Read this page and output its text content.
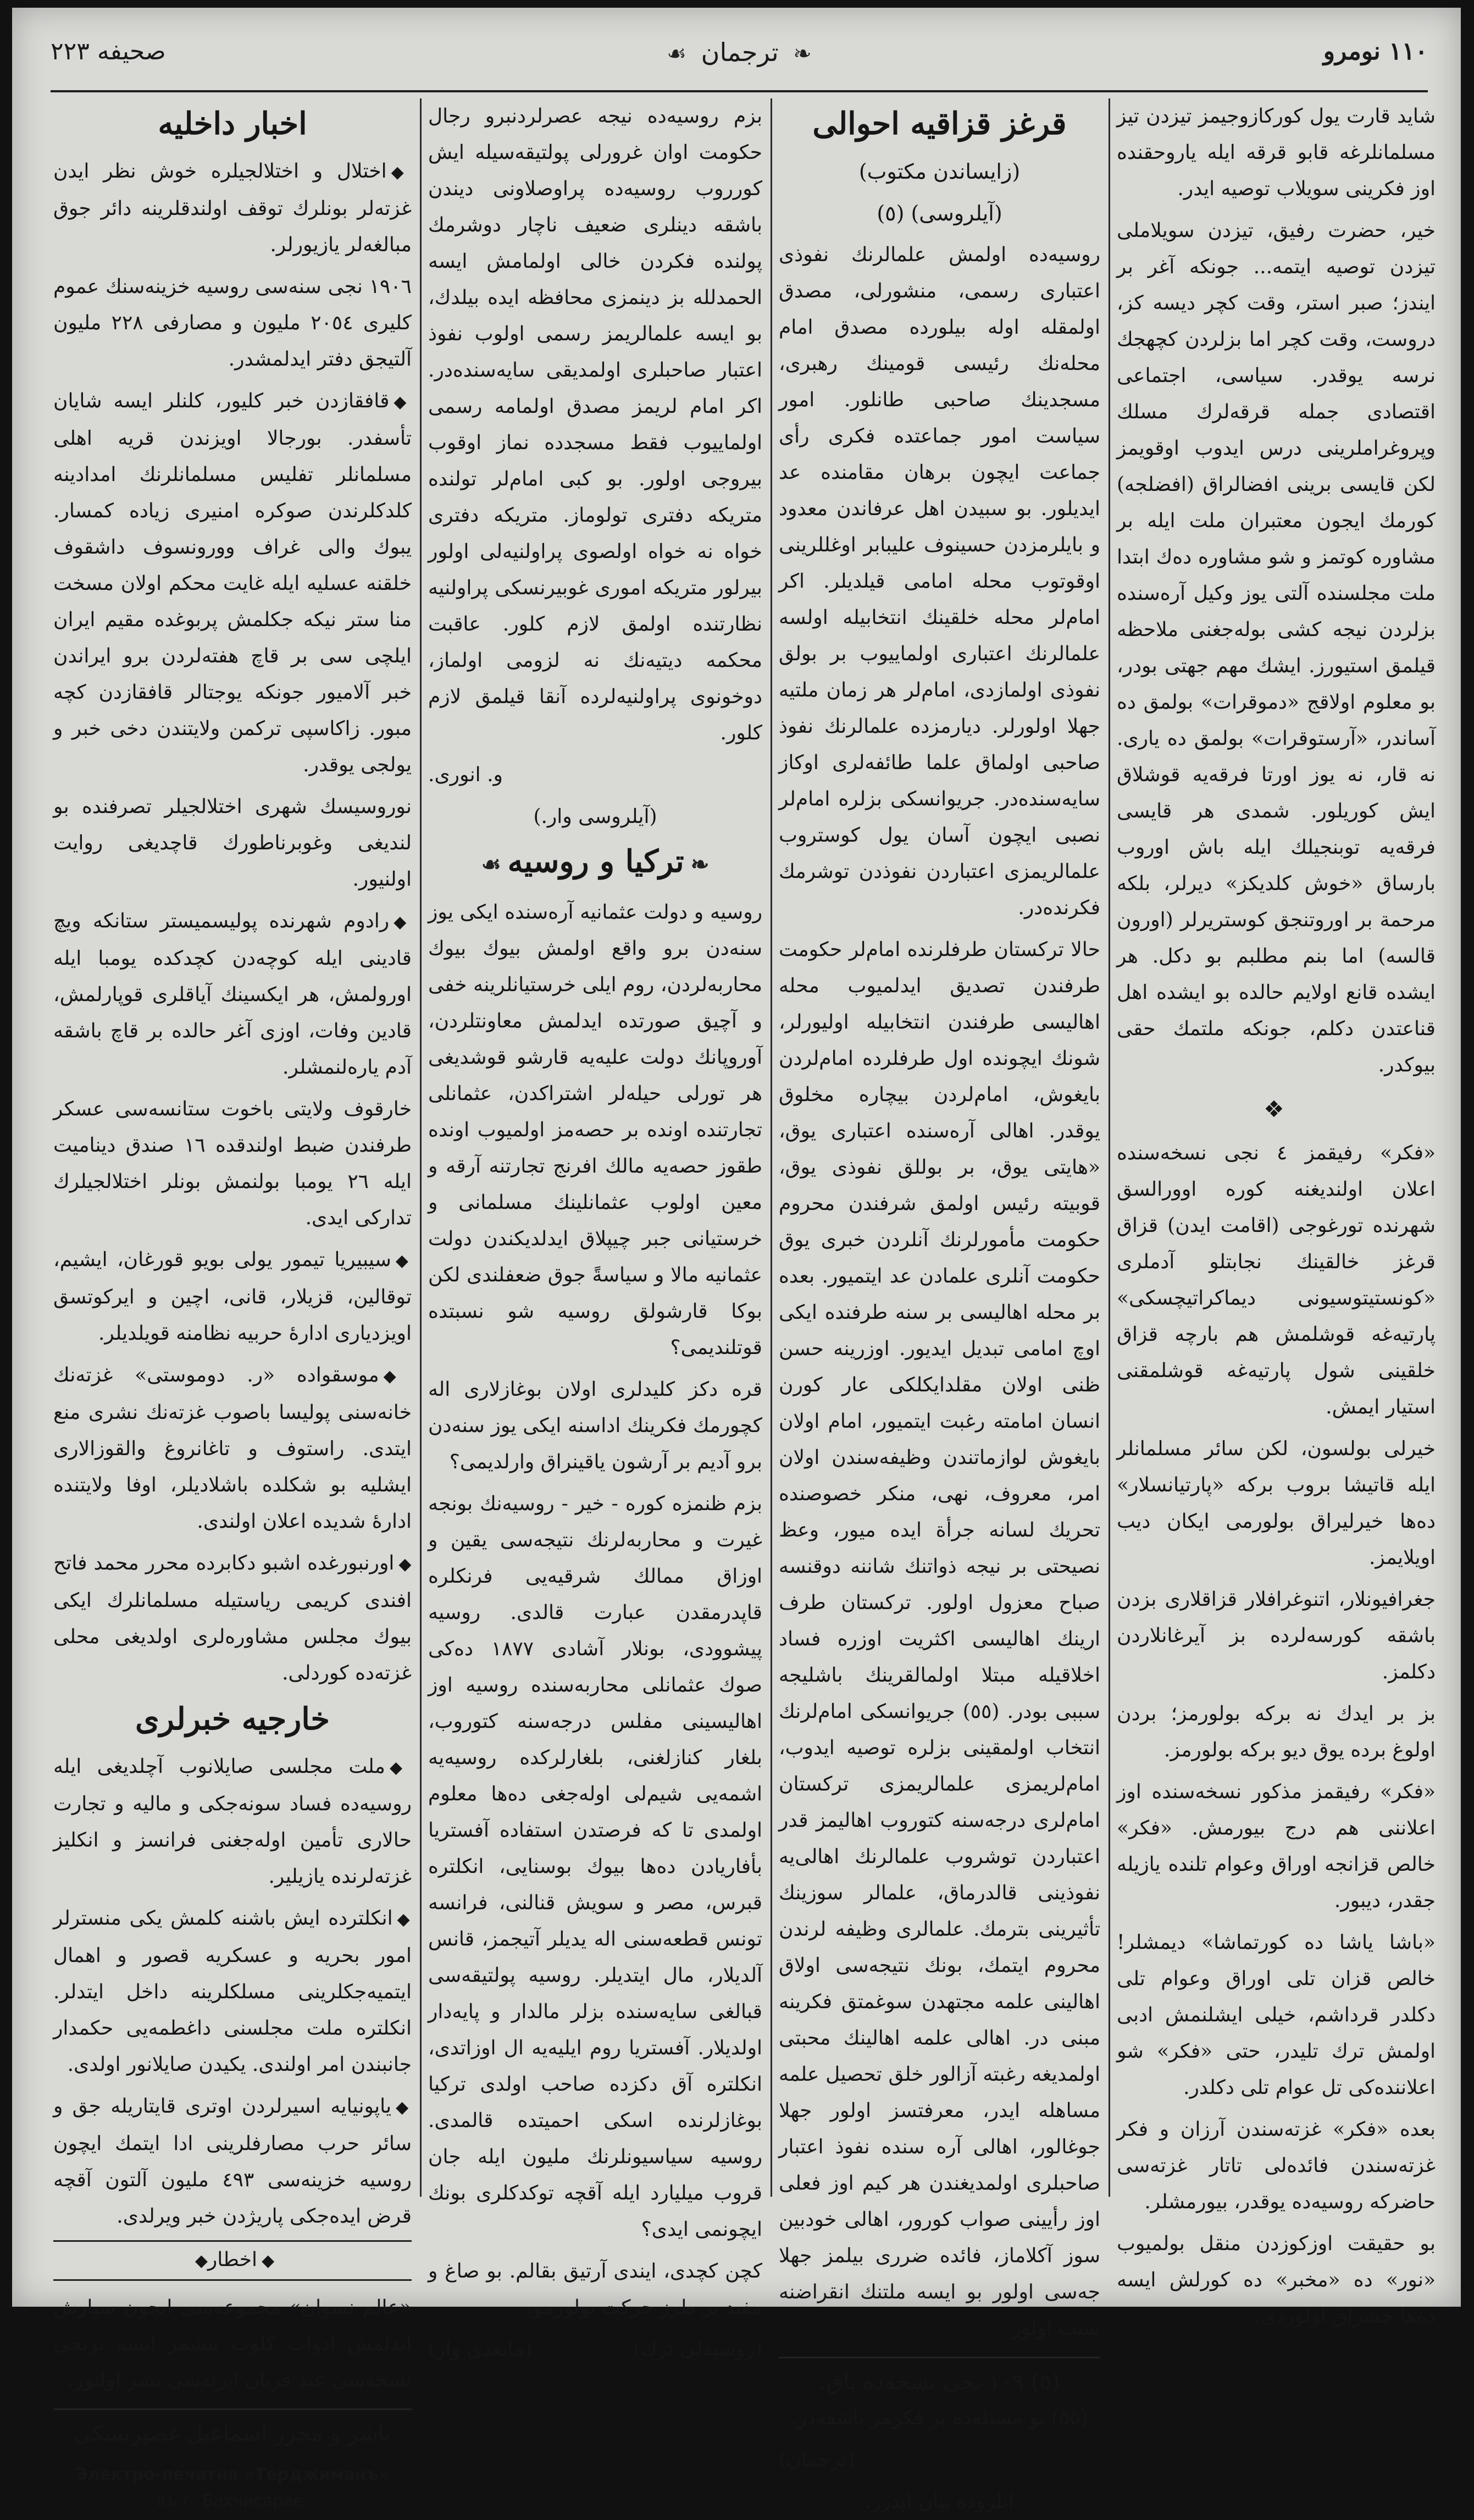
۱۱۰ نومرو
❧ ترجمان ☙
صحیفه ۲۲۳

شاید قارت یول کورکازوجیمز تیزدن تیز مسلمانلرغه قابو قرقه ایله یاروحقنده اوز فکرینی سویلاب توصیه ایدر.

خیر، حضرت رفیق، تیزدن سویلاملی تیزدن توصیه ایتمه... جونکه آغر بر ایندز؛ صبر استر، وقت کچر دیسه کز، دروست، وقت کچر اما بزلردن کچهجك نرسه یوقدر. سیاسی، اجتماعی اقتصادی جمله قرقه‌لرك مسلك وپروغراملرینی درس ایدوب اوقویمز لکن قایسی برینی افضالراق (افضلجه) کورمك ایجون معتبران ملت ایله بر مشاوره کوتمز و شو مشاوره ده‌ك ابتدا ملت مجلسنده آلتی یوز وکیل آره‌سنده بزلردن نیجه کشی بوله‌جغنی ملاحظه قیلمق استیورز. ایشك مهم جهتی بودر، بو معلوم اولاقج «دموقرات» بولمق ده آساندر، «آرستوقرات» بولمق ده یاری. نه قار، نه یوز اورتا فرقه‌یه قوشلاق ایش کوریلور. شمدی هر قایسی فرقه‌یه توبنجیلك ایله باش اوروب بارساق «خوش کلدیکز» دیرلر، بلکه مرحمة بر اوروتنجق کوستریرلر (اورون قالسه) اما بنم مطلبم بو دکل. هر ایشده قانع اولایم حالده بو ایشده اهل قناعتدن دکلم، جونکه ملتمك حقی بیوکدر.

❖

«فکر» رفیقمز ٤ نجی نسخه‌سنده اعلان اولندیغنه کوره اوورالسق شهرنده تورغوجی (اقامت ایدن) قزاق قرغز خالقینك نجابتلو آدملری «کونستیتوسیونی دیماکراتیچسکی» پارتیه‌غه قوشلمش هم بارچه قزاق خلقینی شول پارتیه‌غه قوشلمقنی استیار ایمش.

خیرلی بولسون، لکن سائر مسلمانلر ایله قاتیشا بروب برکه «پارتیانسلار» ده‌ها خیرلیراق بولورمی ایکان دیب اویلایمز.

جغرافیونلار، اتنوغرافلار قزاقلاری بزدن باشقه کورسه‌لرده بز آیرغانلاردن دکلمز.

بز بر ایدك نه برکه بولورمز؛ بردن اولوغ برده یوق دیو برکه بولورمز.

«فکر» رفیقمز مذکور نسخه‌سنده اوز اعلاننی هم درج بیورمش. «فکر» خالص قزانجه اوراق وعوام تلنده یازیله جقدر، دیبور.

«باشا یاشا ده کورتماشا» دیمشلر! خالص قزان تلی اوراق وعوام تلی دکلدر قرداشم، خیلی ایشلنمش ادبی اولمش ترك تلیدر، حتی «فکر» شو اعلاننده‌کی تل عوام تلی دکلدر.

بعده «فکر» غزته‌سندن آرزان و فکر غزته‌سندن فائده‌لی تاتار غزته‌سی حاضرکه روسیه‌ده یوقدر، بیورمشلر.

بو حقیقت اوزکوزدن منقل بولمیوب «نور» ده «مخبر» ده کورلش ایسه ده‌ها خشراق اولوردی.

قرغز قزاقیه احوالی
(زایساندن مکتوب)
(آیلروسی) (٥)

روسیه‌ده اولمش علمالرنك نفوذی اعتباری رسمی، منشورلی، مصدق اولمقله اوله بیلورده مصدق امام محله‌نك رئیسی قومینك رهبری، مسجدینك صاحبی طانلور. امور سیاست امور جماعتده فکری رأی جماعت ایچون برهان مقامنده عد ایدیلور. بو سبیدن اهل عرفاندن معدود و بایلرمزدن حسینوف علیبابر اوغللرینی اوقوتوب محله امامی قیلدیلر. اکر امام‌لر محله خلقینك انتخابیله اولسه علمالرنك اعتباری اولماییوب بر بولق نفوذی اولمازدی، امام‌لر هر زمان ملتیه جهلا اولورلر. دیارمزده علمالرنك نفوذ صاحبی اولماق علما طائفه‌لری اوکاز سایه‌سنده‌در. جریوانسکی بزلره امام‌لر نصبی ایچون آسان یول کوستروب علمالریمزی اعتباردن نفوذدن توشرمك فکرنده‌در.

حالا ترکستان طرفلرنده امام‌لر حکومت طرفندن تصدیق ایدلمیوب محله اهالیسی طرفندن انتخابیله اولیورلر، شونك ایچونده اول طرفلرده امام‌لردن بایغوش، امام‌لردن بیچاره مخلوق یوقدر. اهالی آره‌سنده اعتباری یوق، «هایتی یوق، بر بوللق نفوذی یوق، قوبیته رئیس اولمق شرفندن محروم حکومت مأمورلرنك آنلردن خبری یوق حکومت آنلری علمادن عد ایتمیور. بعده بر محله اهالیسی بر سنه طرفنده ایکی اوچ امامی تبدیل ایدیور. اوزرینه حسن ظنی اولان مقلدایکلکی عار کورن انسان امامته رغبت ایتمیور، امام اولان بایغوش لوازماتندن وظیفه‌سندن اولان امر، معروف، نهی، منکر خصوصنده تحریك لسانه جرأة ایده میور، وعظ نصیحتی بر نیجه ذواتنك شاننه دوقنسه صباح معزول اولور. ترکستان طرف ارینك اهالیسی اکثریت اوزره فساد اخلاقیله مبتلا اولمالقرینك باشلیجه سببی بودر. (٥٥) جریوانسکی امام‌لرنك انتخاب اولمقینی بزلره توصیه ایدوب، امام‌لریمزی علمالریمزی ترکستان امام‌لری درجه‌سنه کتوروب اهالیمز قدر اعتباردن توشروب علمالرنك اهالی‌یه نفوذینی قالدرماق، علمالر سوزینك تأثیرینی بترمك. علمالری وظیفه لرندن محروم ایتمك، بونك نتیجه‌سی اولاق اهالینی علمه مجتهدن سوغمتق فکرینه مبنی در. اهالی علمه اهالینك محبتی اولمدیغه رغبته آزالور خلق تحصیل علمه مساهله ایدر، معرفتسز اولور جهلا جوغالور، اهالی آره سنده نفوذ اعتبار صاحبلری اولمدیغندن هر کیم اوز فعلی اوز رأیینی صواب کورور، اهالی خودبین سوز آکلاماز، فائده ضرری بیلمز جهلا جه‌سی اولور بو ایسه ملتنك انقراضنه سبب اولور.

(٥) ١٠٩ نجی نسخه‌ده باق.

(٥٥) بو مسئله‌ده بز فکرمز باشقه‌در.

(ترجمان)

ایلروده بیان ایدرز.

بزم روسیه‌ده نیجه عصرلردنبرو رجال حکومت اوان غرورلی پولتیقه‌سیله ایش کورروب روسیه‌ده پراوصلاونی دیندن باشقه دینلری ضعیف ناچار دوشرمك پولنده فکردن خالی اولمامش ایسه الحمدلله بز دینمزی محافظه ایده بیلدك، بو ایسه علمالریمز رسمی اولوب نفوذ اعتبار صاحبلری اولمدیقی سایه‌سنده‌در. اکر امام لریمز مصدق اولمامه رسمی اولماییوب فقط مسجدده نماز اوقوب بیروجی اولور. بو کبی امام‌لر تولنده متریکه دفتری تولوماز. متریکه دفتری خواه نه خواه اولصوی پراولنیه‌لی اولور بیرلور متریکه اموری غوبیرنسکی پراولنیه نظارتنده اولمق لازم کلور. عاقبت محکمه دیتیه‌نك نه لزومی اولماز، دوخونوی پراولنیه‌لرده آنقا قیلمق لازم کلور.

و. انوری.

(آیلروسی وار.)

❧ترکیا و روسیه☙

روسیه و دولت عثمانیه آره‌سنده ایکی یوز سنه‌دن برو واقع اولمش بیوك بیوك محاربه‌لردن، روم ایلی خرستیانلرینه خفی و آچیق صورتده ایدلمش معاونتلردن، آورو‌پانك دولت علیه‌یه قارشو قوشدیغی هر تورلی حیله‌لر اشتراکدن، عثمانلی تجارتنده اونده بر حصه‌مز اولمیوب اونده طقوز حصه‌یه مالك افرنج تجارتنه آرقه و معین اولوب عثمانلینك مسلمانی و خرستیانی جبر چیپلاق ایدلدیکندن دولت عثمانیه مالا و سیاسةً جوق ضعفلندی لکن بوکا قارشولق روسیه شو نسبتده قوتلندیمی؟

قره دکز کلیدلری اولان بوغازلاری اله کچورمك فکرینك اداسنه ایکی یوز سنه‌دن برو آدیم بر آرشون یاقینراق وارلدیمی؟

بزم ظنمزه کوره - خیر - روسیه‌نك بونجه غیرت و محاربه‌لرنك نتیجه‌سی یقین و اوزاق ممالك شرقیه‌یی فرنکلره قاپدرمقدن عبارت قالدی. روسیه پیشوودی، بونلار آشادی ۱۸۷۷ ده‌کی صوك عثمانلی محاربه‌سنده روسیه اوز اهالیسینی مفلس درجه‌سنه کتوروب، بلغار کنازلغنی، بلغارلرکده روسیه‌یه اشمه‌یی شیم‌لی اوله‌جغی ده‌ها معلوم اولمدی تا که فرصتدن استفاده آفستریا بأفاریادن ده‌ها بیوك بوسنایی، انکلتره قبرس، مصر و سویش قنالنی، فرانسه تونس قطعه‌سنی اله یدیلر آتیجمز، قانس آلدیلار، مال ایتدیلر. روسیه پولتیقه‌سی قبالغی سایه‌سنده بزلر مالدار و پایه‌دار اولدیلار. آفستریا روم ایلیه‌یه ال اوزاتدی، انکلتره آق دکزده صاحب اولدی ترکیا بوغازلرنده اسکی احمیتده قالمدی. روسیه سیاسیونلرنك ملیون ایله جان قروب میلیارد ایله آقچه توکدکلری بونك ایچونمی ایدی؟

کچن کچدی، ایندی آرتیق بقالم. بو صاغ و مفید بر طرز حرکت بولورمو.

(روسیه‌لی ترك)
(مابعدی وار)
اخبار داخلیه

◆اختلال و اختلالجیلره خوش نظر ایدن غزته‌لر بونلرك توقف اولندقلرینه دائر جوق مبالغه‌لر یازیورلر.

١٩٠٦ نجی سنه‌سی روسیه خزینه‌سنك عموم کلیری ٢٠٥٤ ملیون و مصارفی ٢٢٨ ملیون آلتیجق دفتر ایدلمشدر.

◆قافقازدن خبر کلیور، کلنلر ایسه شایان تأسفدر. بورجالا اویزندن قریه اهلی مسلمانلر تفلیس مسلمانلرنك امدادینه کلدکلرندن صوکره امنیری زیاده کمسار. یبوك والی غراف وورونسوف داشقوف خلقنه عسلیه ایله غایت محکم اولان مسخت منا ستر نیکه جکلمش پربوغده مقیم ایران ایلچی سی بر قاچ هفته‌لردن برو ایراندن خبر آلامیور جونکه یوجتالر قافقازدن کچه مبور. زاکاسپی ترکمن ولایتندن دخی خبر و یولجی یوقدر.

نوروسیسك شهری اختلالجیلر تصرفنده بو لندیغی وغوبرناطورك قاچدیغی روایت اولنیور.

◆رادوم شهرنده پولیسمیستر ستانکه ویچ قادینی ایله کوچه‌دن کچدکده یومبا ایله اورولمش، هر ایکسینك آیاقلری قوپارلمش، قادین وفات، اوزی آغر حالده بر قاچ باشقه آدم یاره‌لنمشلر.

خارقوف ولایتی باخوت ستانسه‌سی عسکر طرفندن ضبط اولندقده ١٦ صندق دینامیت ایله ٢٦ یومبا بولنمش بونلر اختلالجیلرك تدارکی ایدی.

◆سیبیریا تیمور یولی بویو قورغان، ایشیم، توقالین، قزیلار، قانی، اچین و ایرکوتسق اویزدیاری ادارهٔ حربیه نظامنه قویلدیلر.

◆موسقواده «ر. دوموستی» غزته‌نك خانه‌سنی پولیسا باصوب غزته‌نك نشری منع ایتدی. راستوف و تاغانروغ والقوزالاری ایشلیه بو شکلده باشلادیلر، اوفا ولایتنده ادارهٔ شدیده اعلان اولندی.

◆اورنبورغده اشبو دکابرده محرر محمد فاتح افندی کریمی ریاستیله مسلمانلرك ایکی بیوك مجلس مشاوره‌لری اولدیغی محلی غزته‌ده کوردلی.

خارجیه خبرلری

◆ملت مجلسی صایلانوب آچلدیغی ایله روسیه‌ده فساد سونه‌جکی و مالیه و تجارت حالاری تأمین اوله‌جغنی فرانسز و انکلیز غزته‌لرنده یازیلیر.

◆انکلترده ایش باشنه کلمش یکی منسترلر امور بحریه و عسکریه قصور و اهمال ایتمیه‌جکلرینی مسلکلرینه داخل ایتدلر. انکلتره ملت مجلسنی داغطمه‌یی حکمدار جانبندن امر اولندی. یکیدن صایلانور اولدی.

◆یاپونیایه اسیرلردن اوتری قایتاریله جق و سائر حرب مصارفلرینی ادا ایتمك ایچون روسیه خزینه‌سی ٤٩٣ ملیون آلتون آقچه قرض ایده‌جکی پاریژدن خبر ویرلدی.

◆اخطار◆

«عالم نسوان» مجموعه‌سی ایچون سپارش ایدلمش ادوات کلوب یتشمز ایسه برنجی نسخه‌سی عید قربان ایرته‌سی نشر اولنور.

ناشر و محرر اسماعیل غصپرنسکی
Электро-печатня «Терджиманъ»
въ г. Бахчисарае.
